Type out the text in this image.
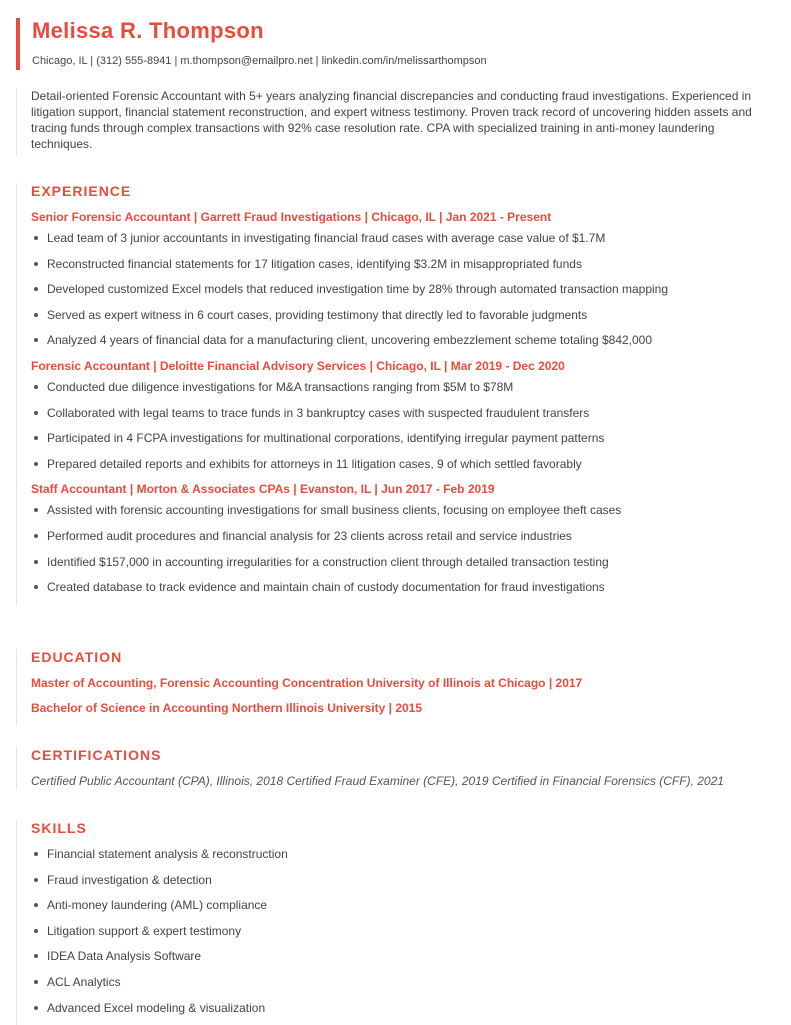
Melissa R. Thompson
Chicago, IL | (312) 555-8941 | m.thompson@emailpro.net | linkedin.com/in/melissarthompson
Detail-oriented Forensic Accountant with 5+ years analyzing financial discrepancies and conducting fraud investigations. Experienced in litigation support, financial statement reconstruction, and expert witness testimony. Proven track record of uncovering hidden assets and tracing funds through complex transactions with 92% case resolution rate. CPA with specialized training in anti-money laundering techniques.
EXPERIENCE
Senior Forensic Accountant | Garrett Fraud Investigations | Chicago, IL | Jan 2021 - Present
Lead team of 3 junior accountants in investigating financial fraud cases with average case value of $1.7M
Reconstructed financial statements for 17 litigation cases, identifying $3.2M in misappropriated funds
Developed customized Excel models that reduced investigation time by 28% through automated transaction mapping
Served as expert witness in 6 court cases, providing testimony that directly led to favorable judgments
Analyzed 4 years of financial data for a manufacturing client, uncovering embezzlement scheme totaling $842,000
Forensic Accountant | Deloitte Financial Advisory Services | Chicago, IL | Mar 2019 - Dec 2020
Conducted due diligence investigations for M&A transactions ranging from $5M to $78M
Collaborated with legal teams to trace funds in 3 bankruptcy cases with suspected fraudulent transfers
Participated in 4 FCPA investigations for multinational corporations, identifying irregular payment patterns
Prepared detailed reports and exhibits for attorneys in 11 litigation cases, 9 of which settled favorably
Staff Accountant | Morton & Associates CPAs | Evanston, IL | Jun 2017 - Feb 2019
Assisted with forensic accounting investigations for small business clients, focusing on employee theft cases
Performed audit procedures and financial analysis for 23 clients across retail and service industries
Identified $157,000 in accounting irregularities for a construction client through detailed transaction testing
Created database to track evidence and maintain chain of custody documentation for fraud investigations
EDUCATION
Master of Accounting, Forensic Accounting Concentration University of Illinois at Chicago | 2017
Bachelor of Science in Accounting Northern Illinois University | 2015
CERTIFICATIONS

Certified Public Accountant (CPA), Illinois, 2018 Certified Fraud Examiner (CFE), 2019 Certified in Financial Forensics (CFF), 2021

SKILLS
Financial statement analysis & reconstruction
Fraud investigation & detection
Anti-money laundering (AML) compliance
Litigation support & expert testimony
IDEA Data Analysis Software
ACL Analytics
Advanced Excel modeling & visualization
